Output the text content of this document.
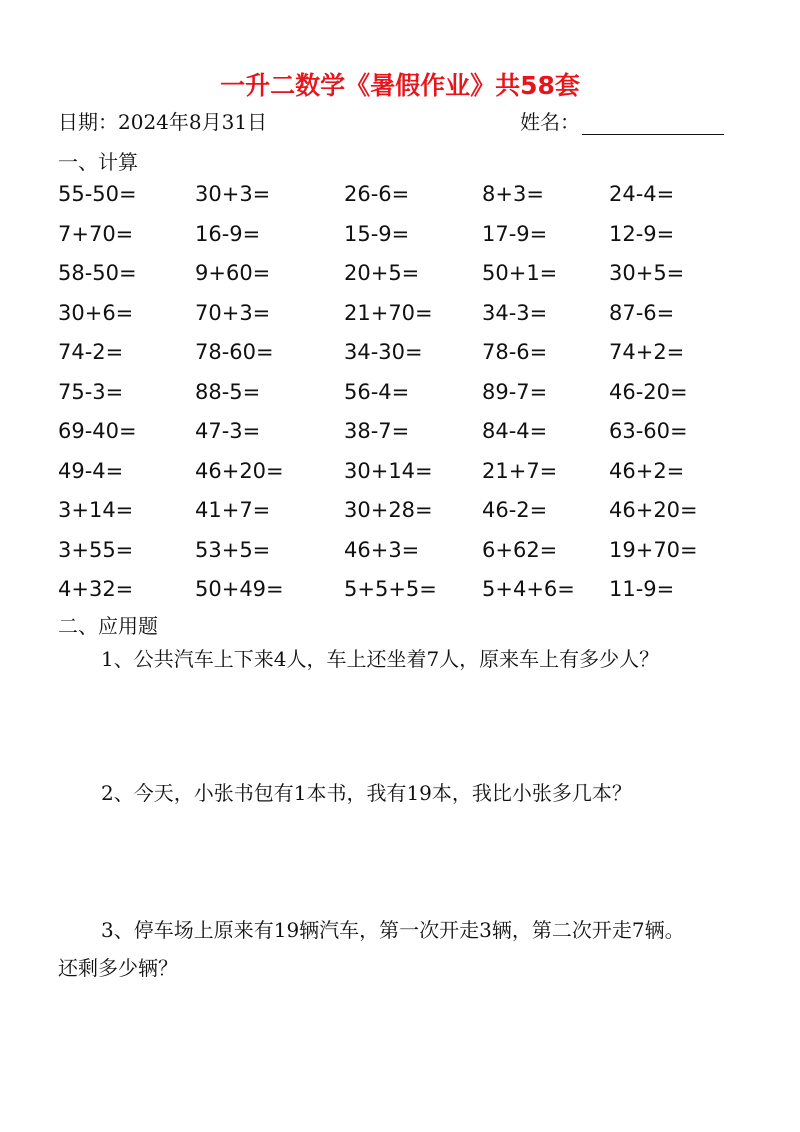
一升二数学《暑假作业》共58套
日期：2024年8月31日	姓名：
一、计算
55-50=	30+3=	26-6=	8+3=	24-4=
7+70=	16-9=	15-9=	17-9=	12-9=
58-50=	9+60=	20+5=	50+1= 30+5=
30+6=	70+3=	21+70= 34-3=	87-6=
74-2=	78-60=	34-30=	78-6=	74+2=
75-3=	88-5=	56-4=	89-7=	46-20=
69-40=	47-3=	38-7=	84-4=	63-60=
49-4=	46+20=	30+14= 21+7= 46+2=
3+14=	41+7=	30+28= 46-2=	46+20=
3+55=	53+5=	46+3=	6+62= 19+70=
4+32=	50+49=	5+5+5= 5+4+6= 11-9=
二、应用题
1、公共汽车上下来4人，车上还坐着7人，原来车上有多少人？
2、今天，小张书包有1本书，我有19本，我比小张多几本？
3、停车场上原来有19辆汽车，第一次开走3辆，第二次开走7辆。
还剩多少辆？
